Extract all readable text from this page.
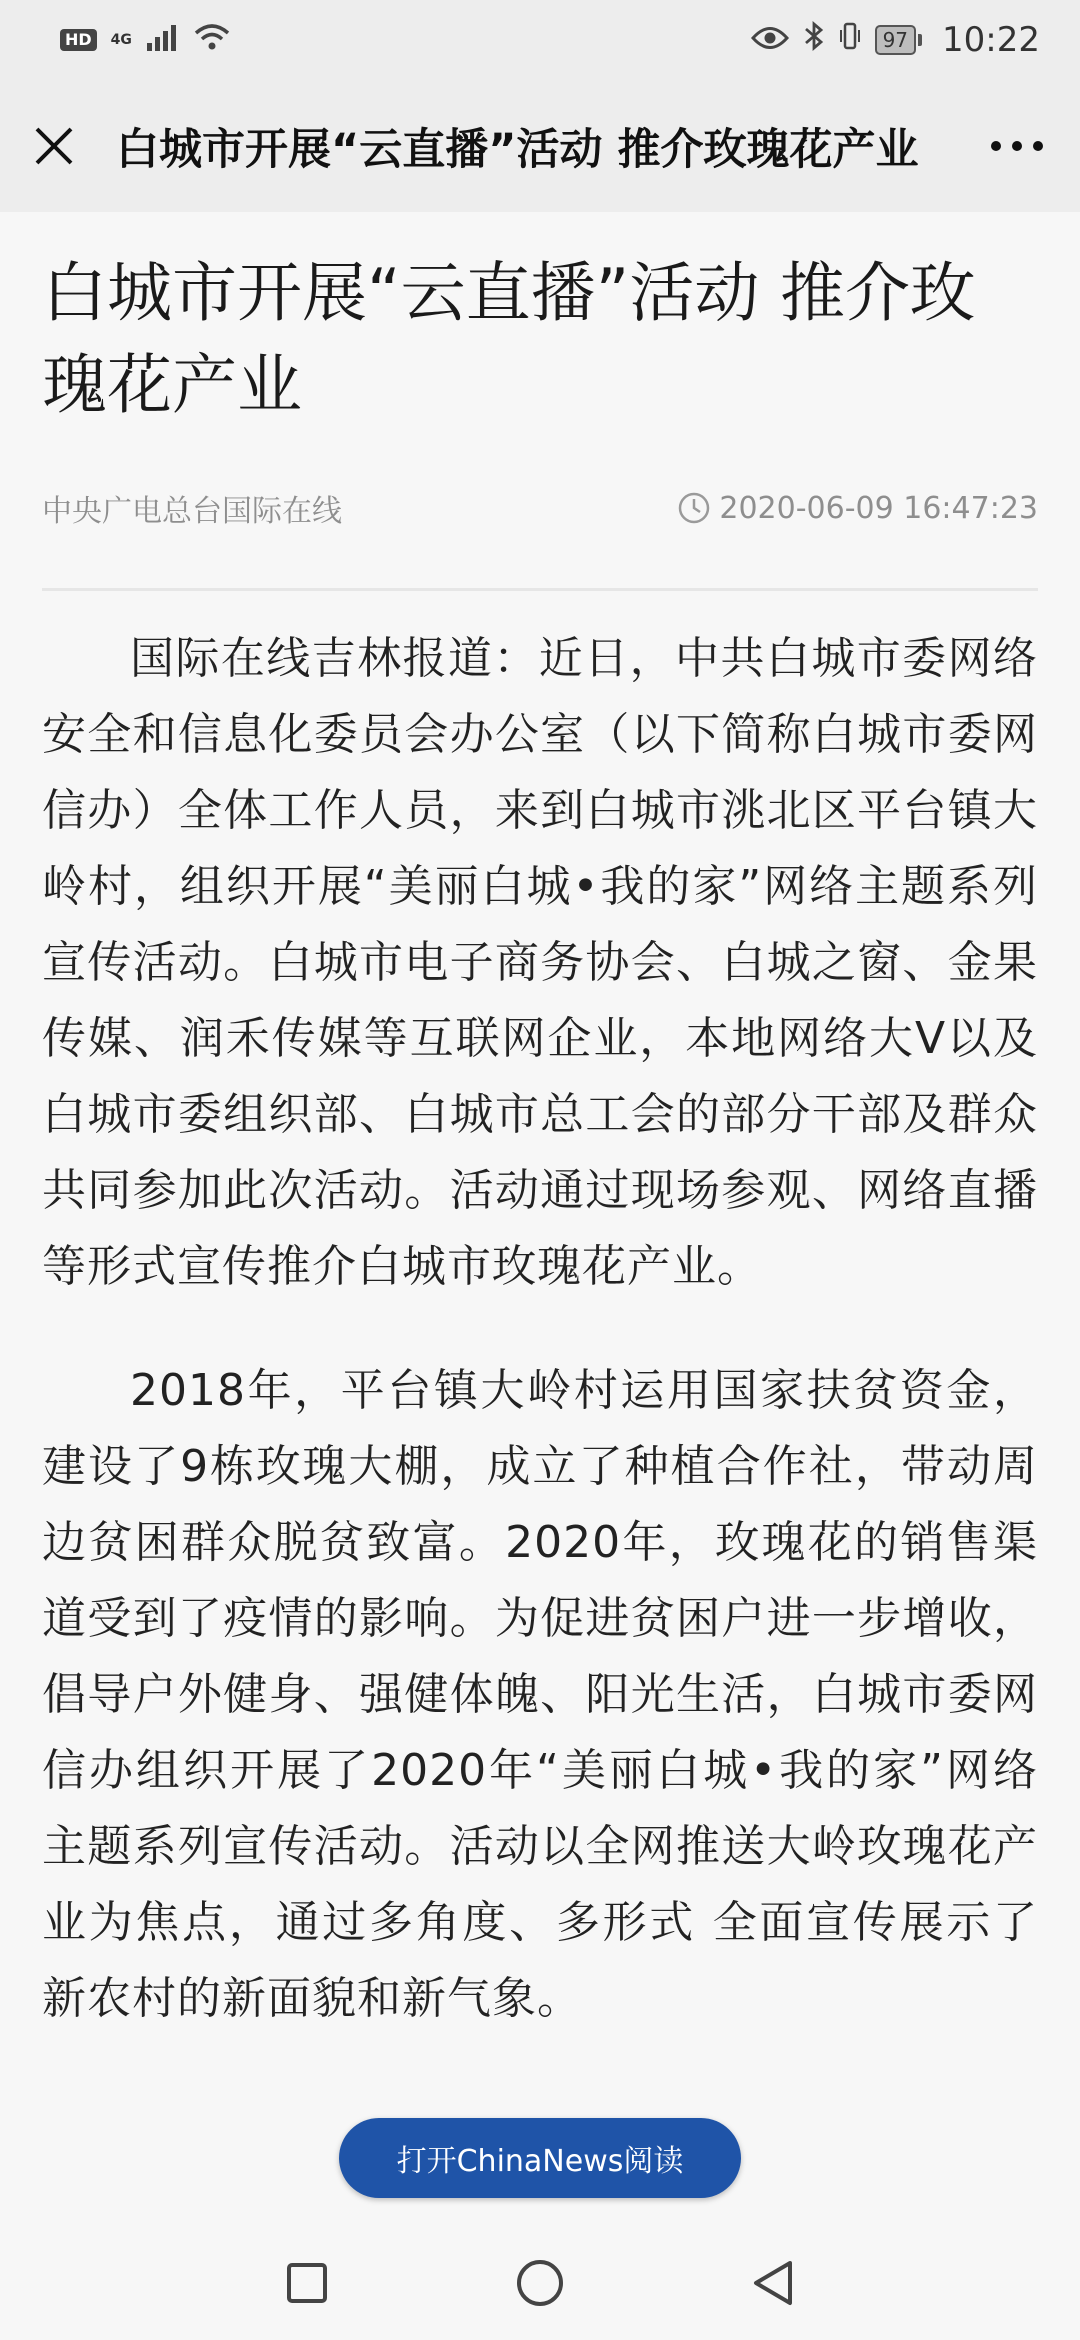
HD	4G	97 10:22
白城市开展“云直播”活动 推介玫瑰花产业
白城市开展“云直播”活动 推介玫瑰花产业
中央广电总台国际在线	2020-06-09 16:47:23

国际在线吉林报道：近日，中共白城市委网络安全和信息化委员会办公室（以下简称白城市委网信办）全体工作人员，来到白城市洮北区平台镇大岭村，组织开展“美丽白城•我的家”网络主题系列宣传活动。白城市电子商务协会、白城之窗、金果传媒、润禾传媒等互联网企业，本地网络大V以及白城市委组织部、白城市总工会的部分干部及群众共同参加此次活动。活动通过现场参观、网络直播等形式宣传推介白城市玫瑰花产业。

2018年，平台镇大岭村运用国家扶贫资金，建设了9栋玫瑰大棚，成立了种植合作社，带动周边贫困群众脱贫致富。2020年，玫瑰花的销售渠道受到了疫情的影响。为促进贫困户进一步增收，倡导户外健身、强健体魄、阳光生活，白城市委网信办组织开展了2020年“美丽白城•我的家”网络主题系列宣传活动。活动以全网推送大岭玫瑰花产业为焦点，通过多角度、多形式 全面宣传展示了新农村的新面貌和新气象。

打开ChinaNews阅读
